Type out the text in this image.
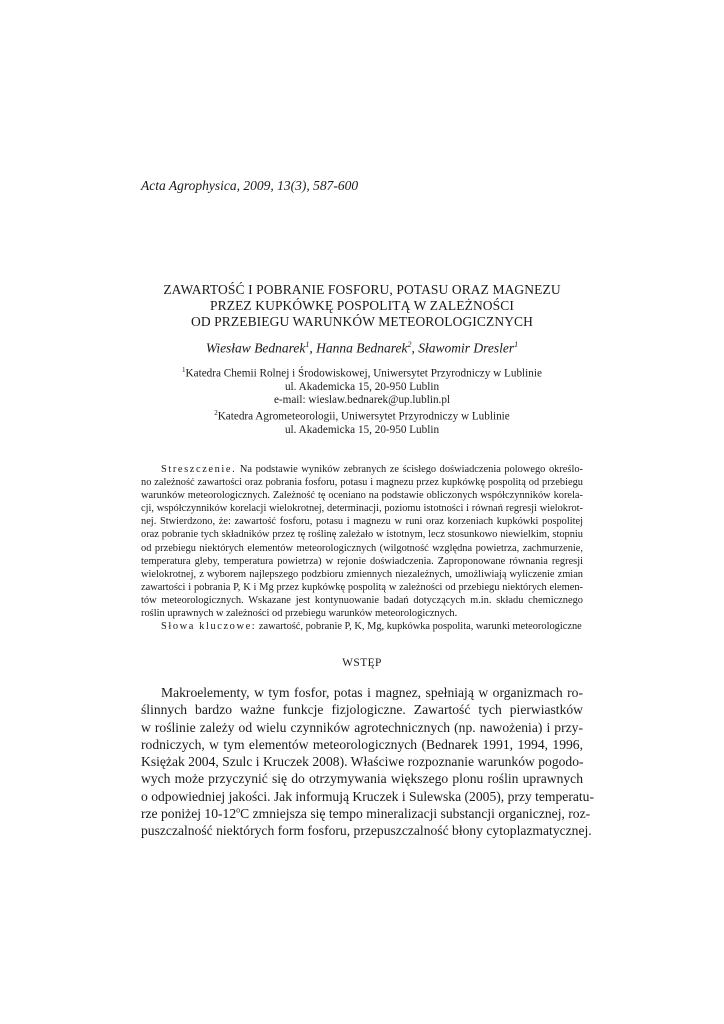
Acta Agrophysica, 2009, 13(3), 587-600
ZAWARTOŚĆ I POBRANIE FOSFORU, POTASU ORAZ MAGNEZU
PRZEZ KUPKÓWKĘ POSPOLITĄ W ZALEŻNOŚCI
OD PRZEBIEGU WARUNKÓW METEOROLOGICZNYCH
Wiesław Bednarek$^1$, Hanna Bednarek$^2$, Sławomir Dresler$^1$
$^1$Katedra Chemii Rolnej i Środowiskowej, Uniwersytet Przyrodniczy w Lublinie
ul. Akademicka 15, 20-950 Lublin
e-mail: wieslaw.bednarek@up.lublin.pl
$^2$Katedra Agrometeorologii, Uniwersytet Przyrodniczy w Lublinie
ul. Akademicka 15, 20-950 Lublin
Streszczenie. Na podstawie wyników zebranych ze ścisłego doświadczenia polowego określo-
no zależność zawartości oraz pobrania fosforu, potasu i magnezu przez kupkówkę pospolitą od przebiegu
warunków meteorologicznych. Zależność tę oceniano na podstawie obliczonych współczynników korela-
cji, współczynników korelacji wielokrotnej, determinacji, poziomu istotności i równań regresji wielokrot-
nej. Stwierdzono, że: zawartość fosforu, potasu i magnezu w runi oraz korzeniach kupkówki pospolitej
oraz pobranie tych składników przez tę roślinę zależało w istotnym, lecz stosunkowo niewielkim, stopniu
od przebiegu niektórych elementów meteorologicznych (wilgotność względna powietrza, zachmurzenie,
temperatura gleby, temperatura powietrza) w rejonie doświadczenia. Zaproponowane równania regresji
wielokrotnej, z wyborem najlepszego podzbioru zmiennych niezależnych, umożliwiają wyliczenie zmian
zawartości i pobrania P, K i Mg przez kupkówkę pospolitą w zależności od przebiegu niektórych elemen-
tów meteorologicznych. Wskazane jest kontynuowanie badań dotyczących m.in. składu chemicznego
roślin uprawnych w zależności od przebiegu warunków meteorologicznych.
Słowa kluczowe: zawartość, pobranie P, K, Mg, kupkówka pospolita, warunki meteorologiczne
WSTĘP
Makroelementy, w tym fosfor, potas i magnez, spełniają w organizmach ro-
ślinnych bardzo ważne funkcje fizjologiczne. Zawartość tych pierwiastków
w roślinie zależy od wielu czynników agrotechnicznych (np. nawożenia) i przy-
rodniczych, w tym elementów meteorologicznych (Bednarek 1991, 1994, 1996,
Księżak 2004, Szulc i Kruczek 2008). Właściwe rozpoznanie warunków pogodo-
wych może przyczynić się do otrzymywania większego plonu roślin uprawnych
o odpowiedniej jakości. Jak informują Kruczek i Sulewska (2005), przy temperatu-
rze poniżej 10-12$^o$C zmniejsza się tempo mineralizacji substancji organicznej, roz-
puszczalność niektórych form fosforu, przepuszczalność błony cytoplazmatycznej.
